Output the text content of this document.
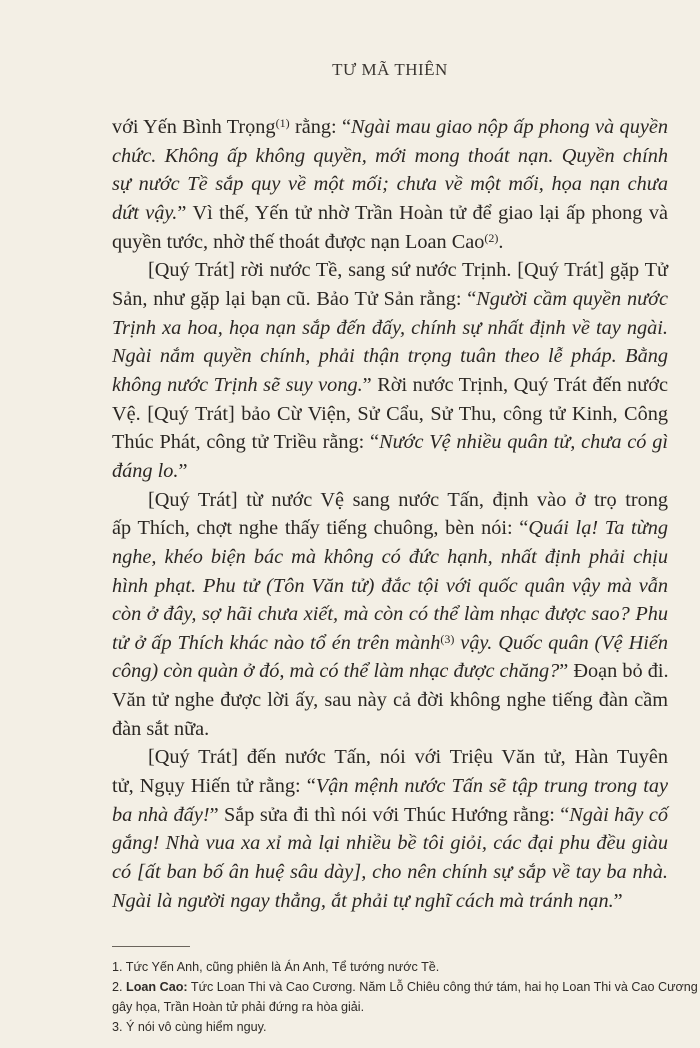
TƯ MÃ THIÊN
với Yến Bình Trọng$^{(1)}$ rằng: “Ngài mau giao nộp ấp phong và quyền
chức. Không ấp không quyền, mới mong thoát nạn. Quyền chính
sự nước Tề sắp quy về một mối; chưa về một mối, họa nạn chưa
dứt vậy.” Vì thế, Yến tử nhờ Trần Hoàn tử để giao lại ấp phong và
quyền tước, nhờ thế thoát được nạn Loan Cao$^{(2)}$.
[Quý Trát] rời nước Tề, sang sứ nước Trịnh. [Quý Trát] gặp Tử
Sản, như gặp lại bạn cũ. Bảo Tử Sản rằng: “Người cầm quyền nước
Trịnh xa hoa, họa nạn sắp đến đấy, chính sự nhất định về tay ngài.
Ngài nắm quyền chính, phải thận trọng tuân theo lễ pháp. Bằng
không nước Trịnh sẽ suy vong.” Rời nước Trịnh, Quý Trát đến nước
Vệ. [Quý Trát] bảo Cừ Viện, Sử Cẩu, Sử Thu, công tử Kinh, Công
Thúc Phát, công tử Triều rằng: “Nước Vệ nhiều quân tử, chưa có gì
đáng lo.”
[Quý Trát] từ nước Vệ sang nước Tấn, định vào ở trọ trong
ấp Thích, chợt nghe thấy tiếng chuông, bèn nói: “Quái lạ! Ta từng
nghe, khéo biện bác mà không có đức hạnh, nhất định phải chịu
hình phạt. Phu tử (Tôn Văn tử) đắc tội với quốc quân vậy mà vẫn
còn ở đây, sợ hãi chưa xiết, mà còn có thể làm nhạc được sao? Phu
tử ở ấp Thích khác nào tổ én trên mành$^{(3)}$ vậy. Quốc quân (Vệ Hiến
công) còn quàn ở đó, mà có thể làm nhạc được chăng?” Đoạn bỏ đi.
Văn tử nghe được lời ấy, sau này cả đời không nghe tiếng đàn cầm
đàn sắt nữa.
[Quý Trát] đến nước Tấn, nói với Triệu Văn tử, Hàn Tuyên
tử, Ngụy Hiến tử rằng: “Vận mệnh nước Tấn sẽ tập trung trong tay
ba nhà đấy!” Sắp sửa đi thì nói với Thúc Hướng rằng: “Ngài hãy cố
gắng! Nhà vua xa xỉ mà lại nhiều bề tôi giỏi, các đại phu đều giàu
có [ất ban bố ân huệ sâu dày], cho nên chính sự sắp về tay ba nhà.
Ngài là người ngay thẳng, ắt phải tự nghĩ cách mà tránh nạn.”
1. Tức Yến Anh, cũng phiên là Án Anh, Tể tướng nước Tề.
2. Loan Cao: Tức Loan Thi và Cao Cương. Năm Lỗ Chiêu công thứ tám, hai họ Loan Thi và Cao Cương
gây họa, Trần Hoàn tử phải đứng ra hòa giải.
3. Ý nói vô cùng hiểm nguy.
